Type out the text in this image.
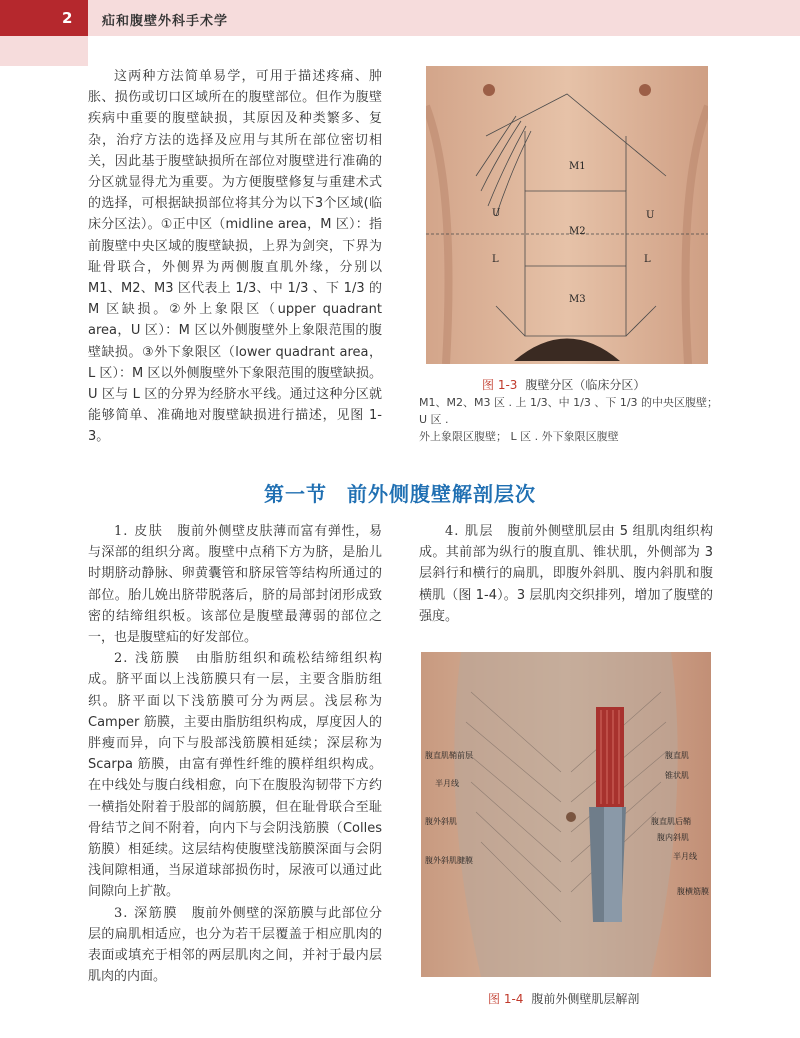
2 疝和腹壁外科手术学

这两种方法简单易学，可用于描述疼痛、肿胀、损伤或切口区域所在的腹壁部位。但作为腹壁疾病中重要的腹壁缺损，其原因及种类繁多、复杂，治疗方法的选择及应用与其所在部位密切相关，因此基于腹壁缺损所在部位对腹壁进行准确的分区就显得尤为重要。为方便腹壁修复与重建术式的选择，可根据缺损部位将其分为以下3个区域(临床分区法）。①正中区（midline area，M 区）：指前腹壁中央区域的腹壁缺损，上界为剑突，下界为耻骨联合，外侧界为两侧腹直肌外缘，分别以 M1、M2、M3 区代表上 1/3、中 1/3 、下 1/3 的 M 区缺损。②外上象限区（upper quadrant area，U 区）：M 区以外侧腹壁外上象限范围的腹壁缺损。③外下象限区（lower quadrant area，L 区）：M 区以外侧腹壁外下象限范围的腹壁缺损。U 区与 L 区的分界为经脐水平线。通过这种分区就能够简单、准确地对腹壁缺损进行描述，见图 1-3。

M1
M2
M3
U	U
L	L
图 1-3 腹壁分区（临床分区）
M1、M2、M3 区 . 上 1/3、中 1/3 、下 1/3 的中央区腹壁；U 区 .
外上象限区腹壁； L 区 . 外下象限区腹壁
第一节 前外侧腹壁解剖层次

1. 皮肤  腹前外侧壁皮肤薄而富有弹性，易与深部的组织分离。腹壁中点稍下方为脐，是胎儿时期脐动静脉、卵黄囊管和脐尿管等结构所通过的部位。胎儿娩出脐带脱落后，脐的局部封闭形成致密的结缔组织板。该部位是腹壁最薄弱的部位之一，也是腹壁疝的好发部位。

2. 浅筋膜  由脂肪组织和疏松结缔组织构成。脐平面以上浅筋膜只有一层，主要含脂肪组织。脐平面以下浅筋膜可分为两层。浅层称为 Camper 筋膜，主要由脂肪组织构成，厚度因人的胖瘦而异，向下与股部浅筋膜相延续；深层称为 Scarpa 筋膜，由富有弹性纤维的膜样组织构成。在中线处与腹白线相愈，向下在腹股沟韧带下方约一横指处附着于股部的阔筋膜，但在耻骨联合至耻骨结节之间不附着，向内下与会阴浅筋膜（Colles 筋膜）相延续。这层结构使腹壁浅筋膜深面与会阴浅间隙相通，当尿道球部损伤时，尿液可以通过此间隙向上扩散。

3. 深筋膜  腹前外侧壁的深筋膜与此部位分层的扁肌相适应，也分为若干层覆盖于相应肌肉的表面或填充于相邻的两层肌肉之间，并衬于最内层肌肉的内面。

4. 肌层  腹前外侧壁肌层由 5 组肌肉组织构成。其前部为纵行的腹直肌、锥状肌，外侧部为 3 层斜行和横行的扁肌，即腹外斜肌、腹内斜肌和腹横肌（图 1-4）。3 层肌肉交织排列，增加了腹壁的强度。

腹直肌鞘前层
半月线
腹外斜肌
腹外斜肌腱膜
腹直肌
锥状肌
腹直肌后鞘
腹内斜肌
半月线
腹横筋膜
图 1-4 腹前外侧壁肌层解剖
